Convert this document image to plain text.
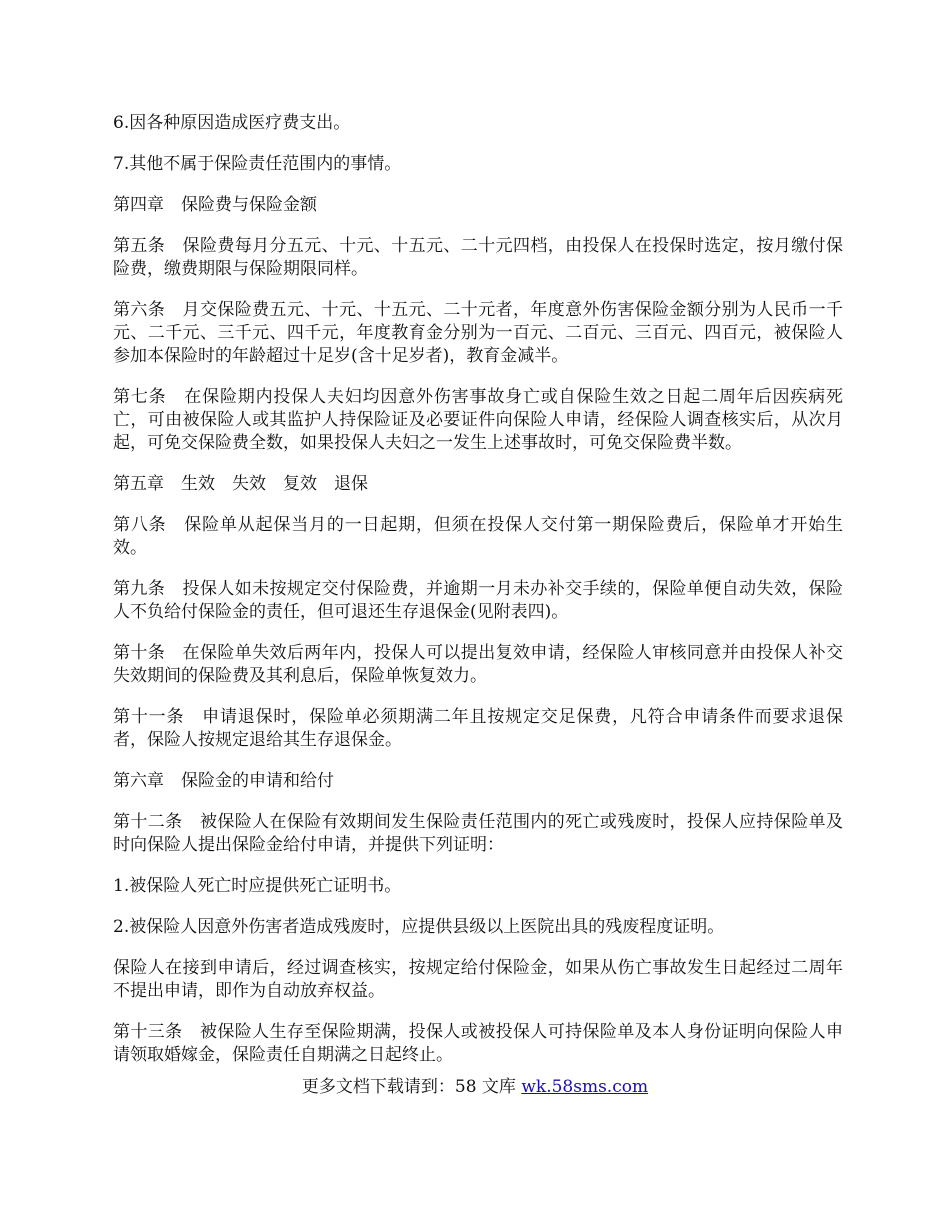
6.因各种原因造成医疗费支出。

7.其他不属于保险责任范围内的事情。

第四章　保险费与保险金额

第五条　保险费每月分五元、十元、十五元、二十元四档，由投保人在投保时选定，按月缴付保险费，缴费期限与保险期限同样。

第六条　月交保险费五元、十元、十五元、二十元者，年度意外伤害保险金额分别为人民币一千元、二千元、三千元、四千元，年度教育金分别为一百元、二百元、三百元、四百元，被保险人参加本保险时的年龄超过十足岁(含十足岁者)，教育金减半。

第七条　在保险期内投保人夫妇均因意外伤害事故身亡或自保险生效之日起二周年后因疾病死亡，可由被保险人或其监护人持保险证及必要证件向保险人申请，经保险人调查核实后，从次月起，可免交保险费全数，如果投保人夫妇之一发生上述事故时，可免交保险费半数。

第五章　生效　失效　复效　退保

第八条　保险单从起保当月的一日起期，但须在投保人交付第一期保险费后，保险单才开始生效。

第九条　投保人如未按规定交付保险费，并逾期一月未办补交手续的，保险单便自动失效，保险人不负给付保险金的责任，但可退还生存退保金(见附表四)。

第十条　在保险单失效后两年内，投保人可以提出复效申请，经保险人审核同意并由投保人补交失效期间的保险费及其利息后，保险单恢复效力。

第十一条　申请退保时，保险单必须期满二年且按规定交足保费，凡符合申请条件而要求退保者，保险人按规定退给其生存退保金。

第六章　保险金的申请和给付

第十二条　被保险人在保险有效期间发生保险责任范围内的死亡或残废时，投保人应持保险单及时向保险人提出保险金给付申请，并提供下列证明：

1.被保险人死亡时应提供死亡证明书。

2.被保险人因意外伤害者造成残废时，应提供县级以上医院出具的残废程度证明。

保险人在接到申请后，经过调查核实，按规定给付保险金，如果从伤亡事故发生日起经过二周年不提出申请，即作为自动放弃权益。

第十三条　被保险人生存至保险期满，投保人或被投保人可持保险单及本人身份证明向保险人申请领取婚嫁金，保险责任自期满之日起终止。

更多文档下载请到：58 文库 wk.58sms.com
